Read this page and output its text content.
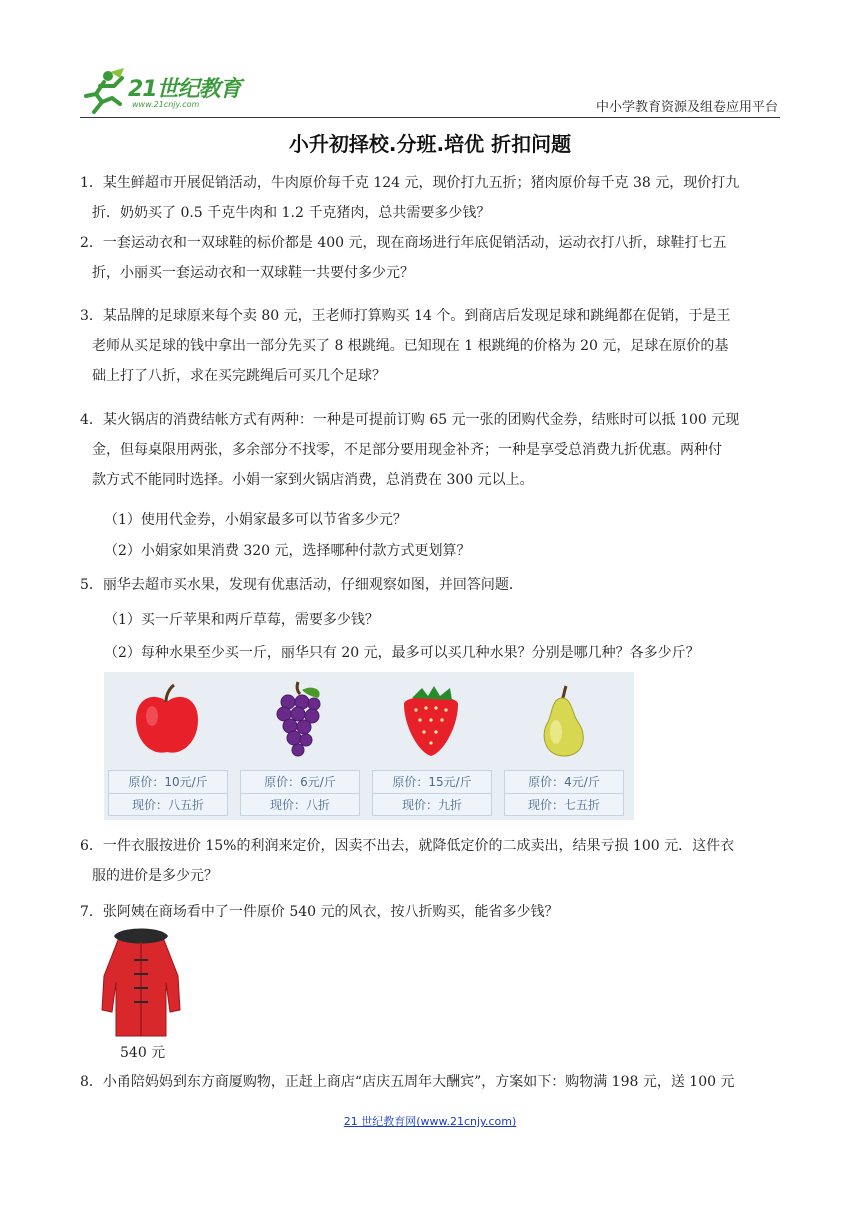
21世纪教育
www.21cnjy.com	中小学教育资源及组卷应用平台
小升初择校.分班.培优 折扣问题
1．某生鲜超市开展促销活动，牛肉原价每千克 124 元，现价打九五折；猪肉原价每千克 38 元，现价打九
折．奶奶买了 0.5 千克牛肉和 1.2 千克猪肉，总共需要多少钱？
2．一套运动衣和一双球鞋的标价都是 400 元，现在商场进行年底促销活动，运动衣打八折，球鞋打七五
折，小丽买一套运动衣和一双球鞋一共要付多少元？
3．某品牌的足球原来每个卖 80 元，王老师打算购买 14 个。到商店后发现足球和跳绳都在促销，于是王
老师从买足球的钱中拿出一部分先买了 8 根跳绳。已知现在 1 根跳绳的价格为 20 元，足球在原价的基
础上打了八折，求在买完跳绳后可买几个足球？
4．某火锅店的消费结帐方式有两种：一种是可提前订购 65 元一张的团购代金券，结账时可以抵 100 元现
金，但每桌限用两张，多余部分不找零，不足部分要用现金补齐；一种是享受总消费九折优惠。两种付
款方式不能同时选择。小娟一家到火锅店消费，总消费在 300 元以上。
（1）使用代金券，小娟家最多可以节省多少元？
（2）小娟家如果消费 320 元，选择哪种付款方式更划算？
5．丽华去超市买水果，发现有优惠活动，仔细观察如图，并回答问题．
（1）买一斤苹果和两斤草莓，需要多少钱？
（2）每种水果至少买一斤，丽华只有 20 元，最多可以买几种水果？分别是哪几种？各多少斤？
原价：10元/斤
现价：八五折
原价：6元/斤
现价：八折
原价：15元/斤
现价：九折
原价：4元/斤
现价：七五折
6．一件衣服按进价 15%的利润来定价，因卖不出去，就降低定价的二成卖出，结果亏损 100 元．这件衣
服的进价是多少元？
7．张阿姨在商场看中了一件原价 540 元的风衣，按八折购买，能省多少钱？
540 元
8．小甬陪妈妈到东方商厦购物，正赶上商店“店庆五周年大酬宾”，方案如下：购物满 198 元，送 100 元
21 世纪教育网(www.21cnjy.com)
